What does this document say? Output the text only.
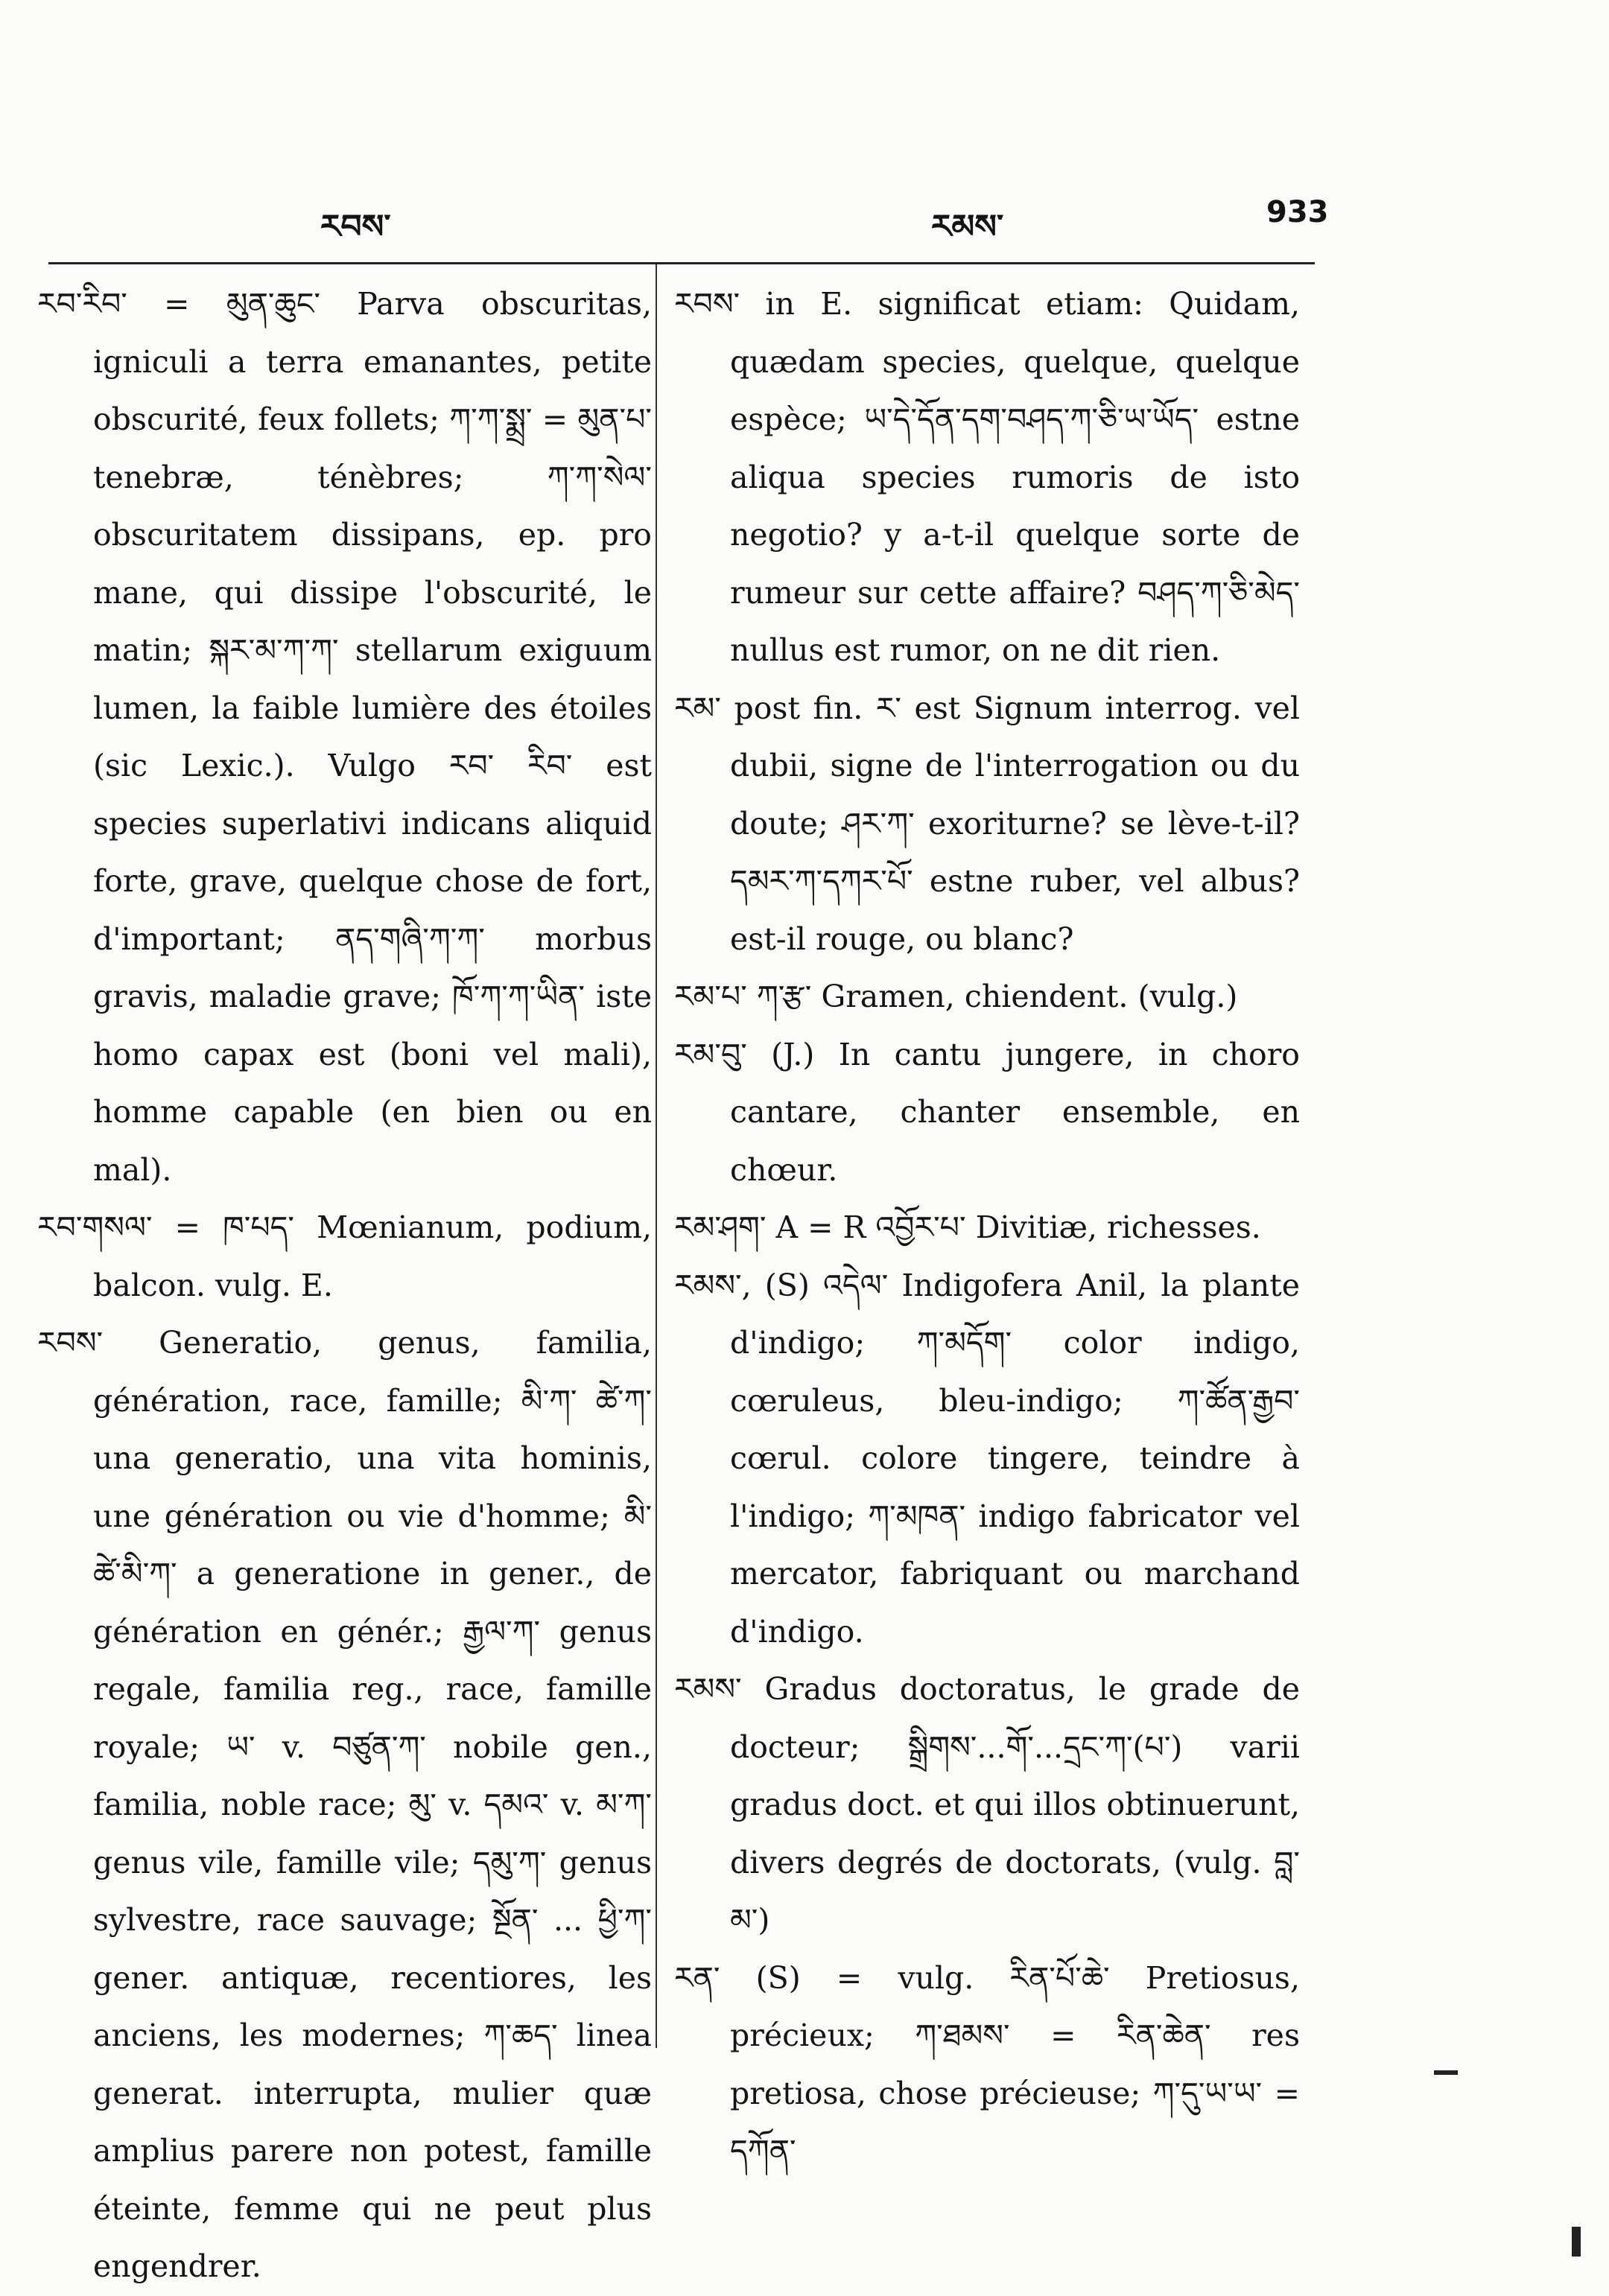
རབས་	རམས་	933

རབ་རིབ་ = མུན་ཆུང་ Parva obscuritas, igniculi a terra emanantes, petite obscurité, feux follets; ཀ་ཀ་སྨྲ་ = མུན་པ་ tenebræ, ténèbres; ཀ་ཀ་སེལ་ obscuritatem dissipans, ep. pro mane, qui dissipe l'obscurité, le matin; སྐར་མ་ཀ་ཀ་ stellarum exiguum lumen, la faible lumière des étoiles (sic Lexic.). Vulgo རབ་ རིབ་ est species superlativi indicans aliquid forte, grave, quelque chose de fort, d'important; ནད་གཞི་ཀ་ཀ་ morbus gravis, maladie grave; ཁོ་ཀ་ཀ་ཡིན་ iste homo capax est (boni vel mali), homme capable (en bien ou en mal).

རབ་གསལ་ = ཁ་པད་ Mœnianum, podium, balcon. vulg. E.

རབས་ Generatio, genus, familia, génération, race, famille; མི་ཀ་ ཚེ་ཀ་ una generatio, una vita hominis, une génération ou vie d'homme; མི་ཚེ་མི་ཀ་ a generatione in gener., de génération en génér.; རྒྱལ་ཀ་ genus regale, familia reg., race, famille royale; ཡ་ v. བཙུན་ཀ་ nobile gen., familia, noble race; མུ་ v. དམའ་ v. མ་ཀ་ genus vile, famille vile; དམུ་ཀ་ genus sylvestre, race sauvage; སྔོན་ ... ཕྱི་ཀ་ gener. antiquæ, recentiores, les anciens, les modernes; ཀ་ཆད་ linea generat. interrupta, mulier quæ amplius parere non potest, famille éteinte, femme qui ne peut plus engendrer.

རབས་ in E. significat etiam: Quidam, quædam species, quelque, quelque espèce; ཡ་དེ་དོན་དག་བཤད་ཀ་ཅི་ཡ་ཡོད་ estne aliqua species rumoris de isto negotio? y a-t-il quelque sorte de rumeur sur cette affaire? བཤད་ཀ་ཅི་མེད་ nullus est rumor, on ne dit rien.

རམ་ post fin. ར་ est Signum interrog. vel dubii, signe de l'interrogation ou du doute; ཤར་ཀ་ exoriturne? se lève-t-il? དམར་ཀ་དཀར་པོ་ estne ruber, vel albus? est-il rouge, ou blanc?

རམ་པ་ ཀ་རྩ་ Gramen, chiendent. (vulg.)

རམ་བུ་ (J.) In cantu jungere, in choro cantare, chanter ensemble, en chœur.

རམ་ཤག་ A = R འབྱོར་པ་ Divitiæ, richesses.

རམས་, (S) འདེལ་ Indigofera Anil, la plante d'indigo; ཀ་མདོག་ color indigo, cœruleus, bleu-indigo; ཀ་ཚོན་རྒྱབ་ cœrul. colore tingere, teindre à l'indigo; ཀ་མཁན་ indigo fabricator vel mercator, fabriquant ou marchand d'indigo.

རམས་ Gradus doctoratus, le grade de docteur; སྒྲིགས་...གོ་...དྲང་ཀ་(པ་) varii gradus doct. et qui illos obtinuerunt, divers degrés de doctorats, (vulg. བླ་མ་)

རན་ (S) = vulg. རིན་པོ་ཆེ་ Pretiosus, précieux; ཀ་ཐམས་ = རིན་ཆེན་ res pretiosa, chose précieuse; ཀ་དུ་ཡ་ཡ་ = དཀོན་
